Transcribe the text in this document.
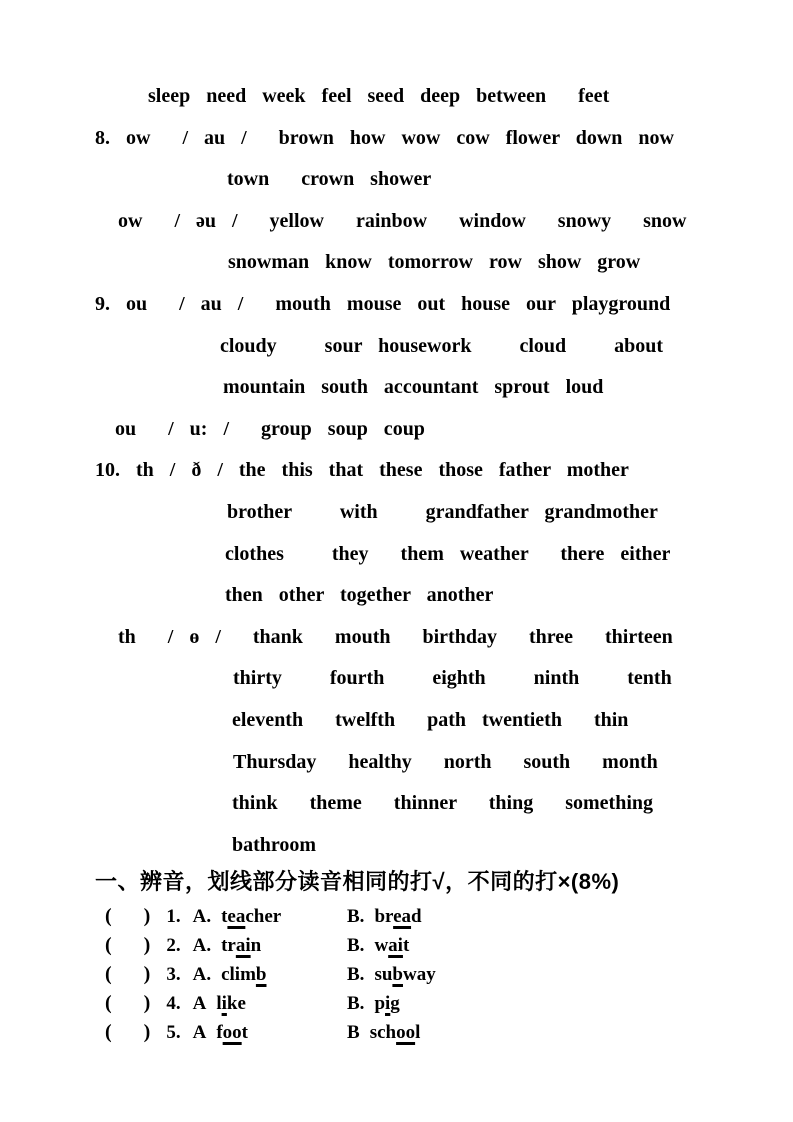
sleep need week feel seed deep between  feet
8. ow  / au /  brown how wow cow flower down now
town  crown shower
ow  / əu /  yellow  rainbow  window  snowy  snow
snowman know tomorrow row show grow
9. ou  / au /  mouth mouse out house our playground
cloudy   sour housework   cloud   about
mountain south accountant sprout loud
ou  / u: /  group soup coup
10. th / ð / the this that these those father mother
brother   with   grandfather grandmother
clothes   they  them weather  there either
then other together another
th  / ɵ /  thank  mouth  birthday  three  thirteen
thirty   fourth   eighth   ninth   tenth
eleventh  twelfth  path twentieth  thin
Thursday  healthy  north  south  month
think  theme  thinner  thing  something
bathroom
一、辨音，划线部分读音相同的打√，不同的打×(8%)
( ) 1. A. teacher	B. bread
( ) 2. A. train	B. wait
( ) 3. A. climb	B. subway
( ) 4. A like	B. pig
( ) 5. A foot	B school
